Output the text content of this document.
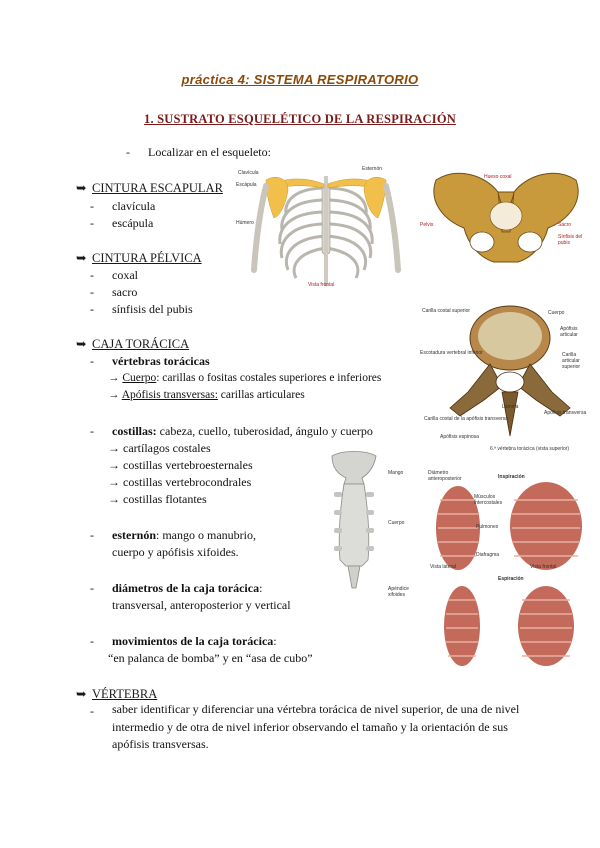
práctica 4: SISTEMA RESPIRATORIO
1. SUSTRATO ESQUELÉTICO DE LA RESPIRACIÓN
- Localizar en el esqueleto:
➥ CINTURA ESCAPULAR
- clavícula
- escápula
➥ CINTURA PÉLVICA
- coxal
- sacro
- sínfisis del pubis
➥ CAJA TORÁCICA
- vértebras torácicas
→ Cuerpo: carillas o fositas costales superiores e inferiores
→ Apófisis transversas: carillas articulares
- costillas: cabeza, cuello, tuberosidad, ángulo y cuerpo
→ cartílagos costales
→ costillas vertebroesternales
→ costillas vertebrocondrales
→ costillas flotantes
- esternón: mango o manubrio,
cuerpo y apófisis xifoides.
- diámetros de la caja torácica:
transversal, anteroposterior y vertical
- movimientos de la caja torácica:
“en palanca de bomba” y en “asa de cubo”
➥ VÉRTEBRA
- saber identificar y diferenciar una vértebra torácica de nivel superior, de una de nivel intermedio y de otra de nivel inferior observando el tamaño y la orientación de sus apófisis transversas.
Clavícula
Escápula
Húmero
Esternón
Vista frontal
Hueso coxal
Sacro
Sínfisis del pubis
Pelvis
Carilla costal superior	Cuerpo
Apófisis articular
Escotadura vertebral inferior	Carilla articular superior
Lámina
Apófisis transversa
Carilla costal de la apófisis transversa
Apófisis espinosa
6.ª vértebra torácica (vista superior)
Mango
Cuerpo
Apéndice xifoides
Inspiración
Diámetro anteroposterior
Músculos intercostales
Pulmones
Diafragma
Vista lateral	Vista frontal
Espiración
